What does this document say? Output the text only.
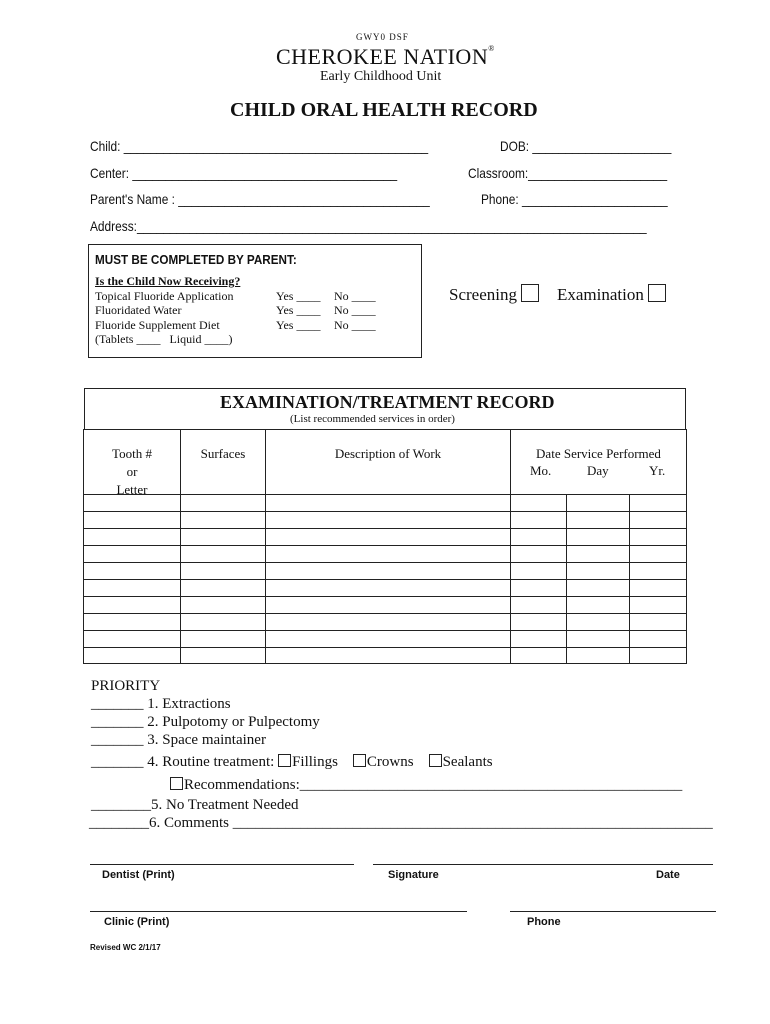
GWY0 DSF
CHEROKEE NATION®
Early Childhood Unit
CHILD ORAL HEALTH RECORD
Child: ______________________________________________	DOB: _____________________
Center: ________________________________________	Classroom:_____________________
Parent's Name : ______________________________________	Phone: ______________________
Address:_____________________________________________________________________________
MUST BE COMPLETED BY PARENT:
Is the Child Now Receiving?
Topical Fluoride Application	Yes ____ No ____
Fluoridated Water	Yes ____ No ____
Fluoride Supplement Diet	Yes ____ No ____
(Tablets ____   Liquid ____)
Screening	Examination
EXAMINATION/TREATMENT RECORD
(List recommended services in order)
Tooth #
or
Letter
Surfaces	Description of Work	Date Service Performed
Mo.	Day	Yr.
PRIORITY
_______ 1. Extractions
_______ 2. Pulpotomy or Pulpectomy
_______ 3. Space maintainer
_______ 4. Routine treatment: Fillings Crowns Sealants
Recommendations:___________________________________________________
________5. No Treatment Needed
________6. Comments ________________________________________________________________
Dentist (Print)	Signature	Date
Clinic (Print)	Phone
Revised WC 2/1/17
